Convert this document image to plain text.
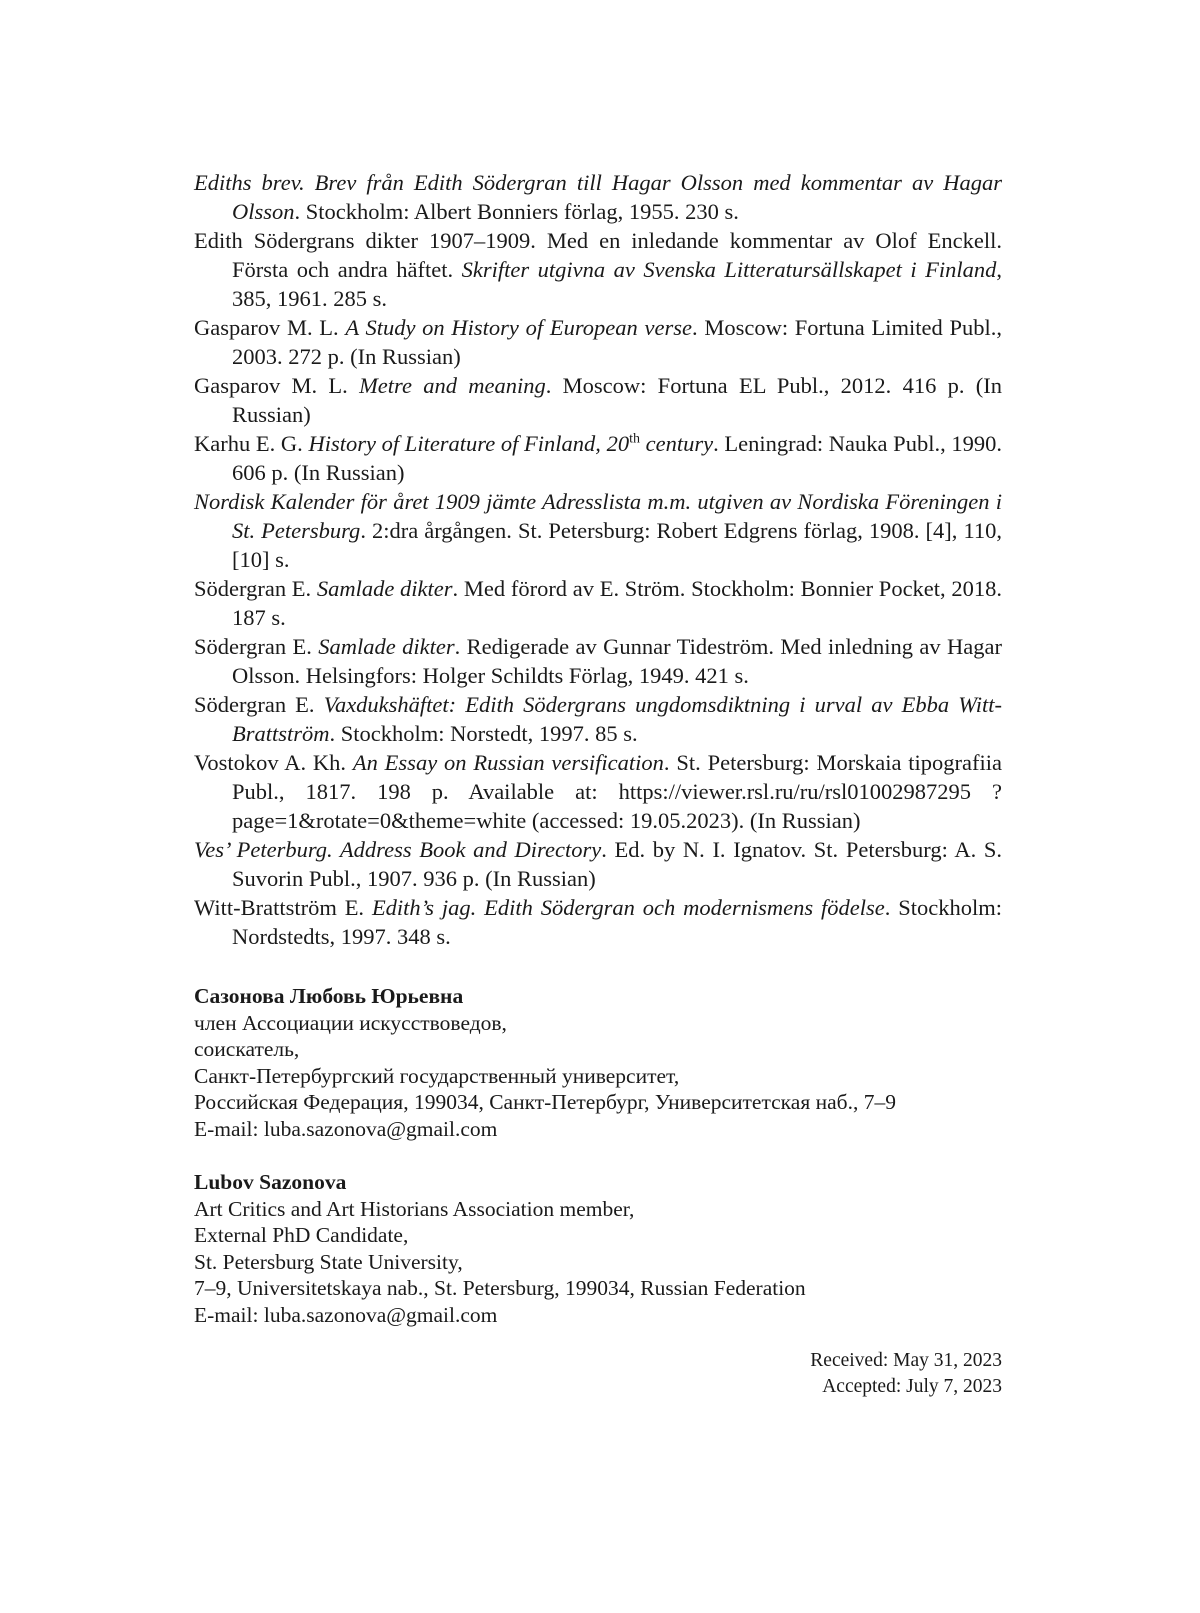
Ediths brev. Brev från Edith Södergran till Hagar Olsson med kommentar av Hagar Olsson. Stockholm: Albert Bonniers förlag, 1955. 230 s.

Edith Södergrans dikter 1907–1909. Med en inledande kommentar av Olof Enckell. Första och andra häftet. Skrifter utgivna av Svenska Litteratursällskapet i Finland, 385, 1961. 285 s.

Gasparov M. L. A Study on History of European verse. Moscow: Fortuna Limited Publ., 2003. 272 p. (In Russian)

Gasparov M. L. Metre and meaning. Moscow: Fortuna EL Publ., 2012. 416 p. (In Russian)

Karhu E. G. History of Literature of Finland, 20th century. Leningrad: Nauka Publ., 1990. 606 p. (In Russian)

Nordisk Kalender för året 1909 jämte Adresslista m.m. utgiven av Nordiska Föreningen i St. Petersburg. 2:dra årgången. St. Petersburg: Robert Edgrens förlag, 1908. [4], 110, [10] s.

Södergran E. Samlade dikter. Med förord av E. Ström. Stockholm: Bonnier Pocket, 2018. 187 s.

Södergran E. Samlade dikter. Redigerade av Gunnar Tideström. Med inledning av Hagar Olsson. Helsingfors: Holger Schildts Förlag, 1949. 421 s.

Södergran E. Vaxdukshäftet: Edith Södergrans ungdomsdiktning i urval av Ebba Witt-Brattström. Stockholm: Norstedt, 1997. 85 s.

Vostokov A. Kh. An Essay on Russian versification. St. Petersburg: Morskaia tipografiia Publ., 1817. 198 p. Available at: https://viewer.rsl.ru/ru/rsl01002987295 ?page=1&rotate=0&theme=white (accessed: 19.05.2023). (In Russian)

Ves’ Peterburg. Address Book and Directory. Ed. by N. I. Ignatov. St. Petersburg: A. S. Suvorin Publ., 1907. 936 p. (In Russian)

Witt-Brattström E. Edith’s jag. Edith Södergran och modernismens födelse. Stockholm: Nordstedts, 1997. 348 s.

Сазонова Любовь Юрьевна
член Ассоциации искусствоведов,
соискатель,
Санкт-Петербургский государственный университет,
Российская Федерация, 199034, Санкт-Петербург, Университетская наб., 7–9
E-mail: luba.sazonova@gmail.com
Lubov Sazonova
Art Critics and Art Historians Association member,
External PhD Candidate,
St. Petersburg State University,
7–9, Universitetskaya nab., St. Petersburg, 199034, Russian Federation
E-mail: luba.sazonova@gmail.com
Received: May 31, 2023
Accepted: July 7, 2023
